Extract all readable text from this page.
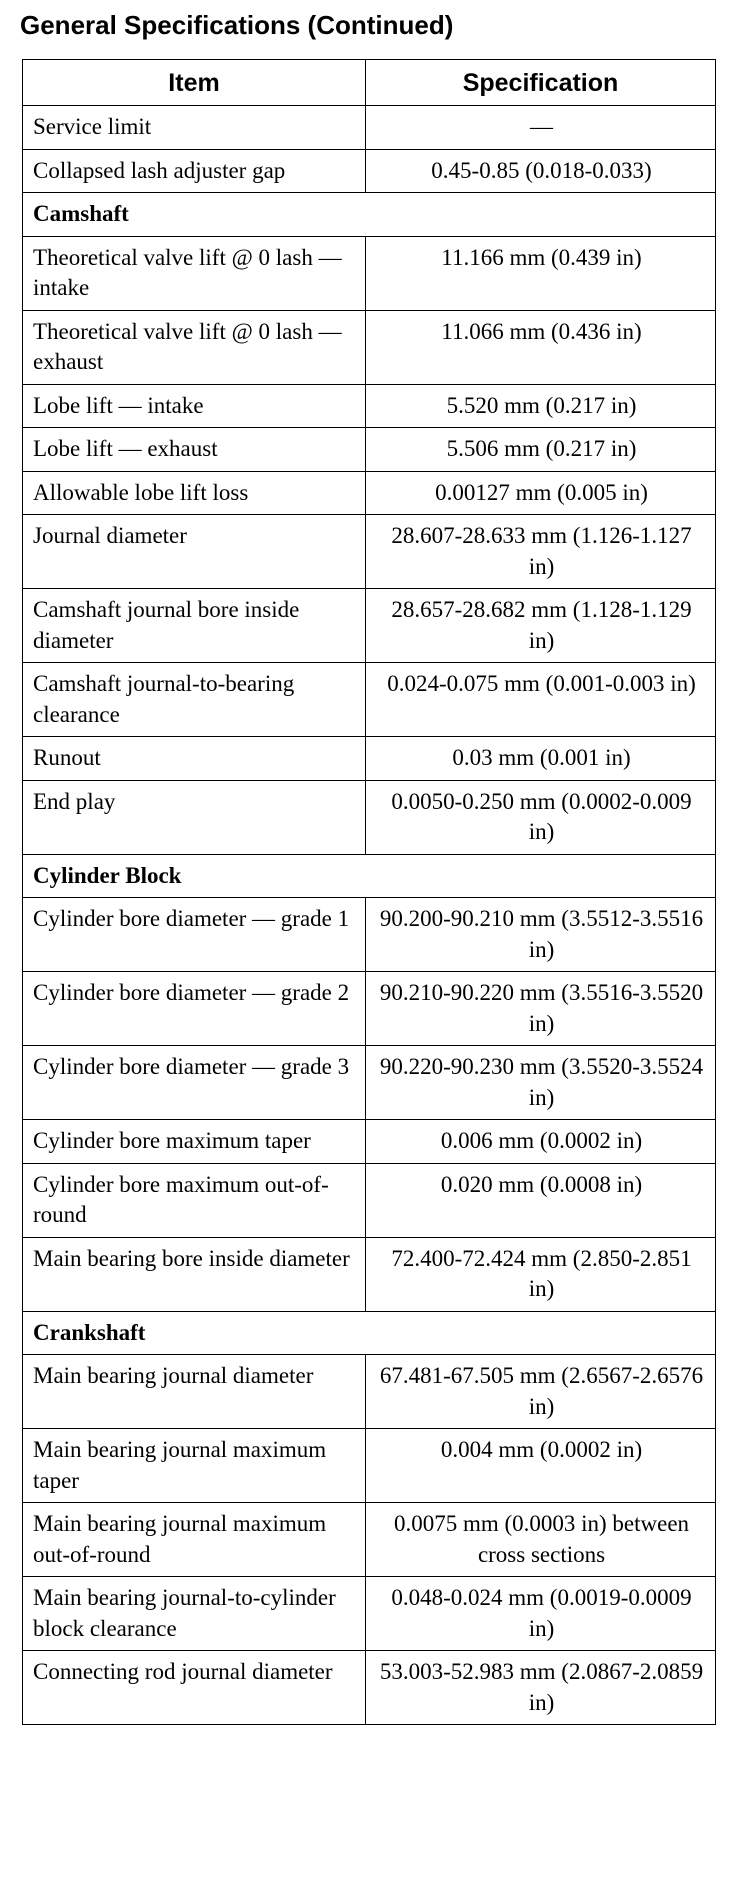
General Specifications (Continued)
Item	Specification
Service limit	—
Collapsed lash adjuster gap	0.45-0.85 (0.018-0.033)
Camshaft	
Theoretical valve lift @ 0 lash — intake	11.166 mm (0.439 in)
Theoretical valve lift @ 0 lash — exhaust	11.066 mm (0.436 in)
Lobe lift — intake	5.520 mm (0.217 in)
Lobe lift — exhaust	5.506 mm (0.217 in)
Allowable lobe lift loss	0.00127 mm (0.005 in)
Journal diameter	28.607-28.633 mm (1.126-1.127 in)
Camshaft journal bore inside diameter	28.657-28.682 mm (1.128-1.129 in)
Camshaft journal-to-bearing clearance	0.024-0.075 mm (0.001-0.003 in)
Runout	0.03 mm (0.001 in)
End play	0.0050-0.250 mm (0.0002-0.009 in)
Cylinder Block	
Cylinder bore diameter — grade 1	90.200-90.210 mm (3.5512-3.5516 in)
Cylinder bore diameter — grade 2	90.210-90.220 mm (3.5516-3.5520 in)
Cylinder bore diameter — grade 3	90.220-90.230 mm (3.5520-3.5524 in)
Cylinder bore maximum taper	0.006 mm (0.0002 in)
Cylinder bore maximum out-of-round	0.020 mm (0.0008 in)
Main bearing bore inside diameter	72.400-72.424 mm (2.850-2.851 in)
Crankshaft	
Main bearing journal diameter	67.481-67.505 mm (2.6567-2.6576 in)
Main bearing journal maximum taper	0.004 mm (0.0002 in)
Main bearing journal maximum out-of-round	0.0075 mm (0.0003 in) between cross sections
Main bearing journal-to-cylinder block clearance	0.048-0.024 mm (0.0019-0.0009 in)
Connecting rod journal diameter	53.003-52.983 mm (2.0867-2.0859 in)
